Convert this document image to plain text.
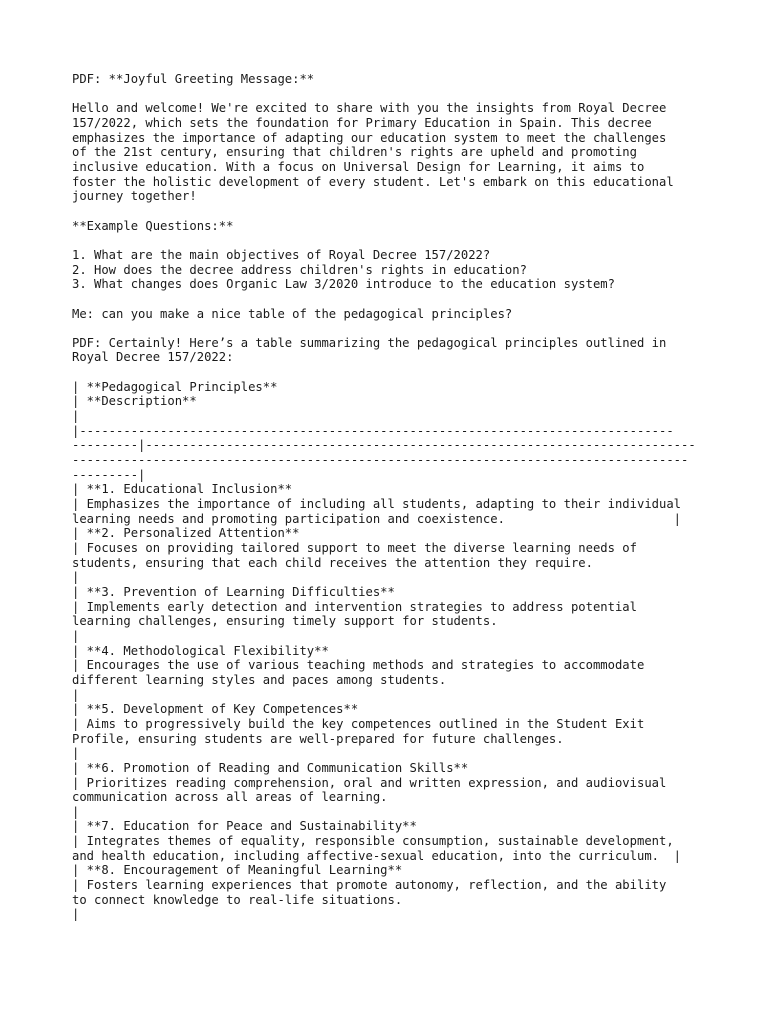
PDF: **Joyful Greeting Message:**
Hello and welcome! We're excited to share with you the insights from Royal Decree
157/2022, which sets the foundation for Primary Education in Spain. This decree
emphasizes the importance of adapting our education system to meet the challenges
of the 21st century, ensuring that children's rights are upheld and promoting
inclusive education. With a focus on Universal Design for Learning, it aims to
foster the holistic development of every student. Let's embark on this educational
journey together!
**Example Questions:**
1. What are the main objectives of Royal Decree 157/2022?
2. How does the decree address children's rights in education?
3. What changes does Organic Law 3/2020 introduce to the education system?
Me: can you make a nice table of the pedagogical principles?
PDF: Certainly! Here’s a table summarizing the pedagogical principles outlined in
Royal Decree 157/2022:
| **Pedagogical Principles**
| **Description**
|
|---------------------------------------------------------------------------------
---------|---------------------------------------------------------------------------
------------------------------------------------------------------------------------
---------|
| **1. Educational Inclusion**
| Emphasizes the importance of including all students, adapting to their individual
learning needs and promoting participation and coexistence.                       |
| **2. Personalized Attention**
| Focuses on providing tailored support to meet the diverse learning needs of
students, ensuring that each child receives the attention they require.
|
| **3. Prevention of Learning Difficulties**
| Implements early detection and intervention strategies to address potential
learning challenges, ensuring timely support for students.
|
| **4. Methodological Flexibility**
| Encourages the use of various teaching methods and strategies to accommodate
different learning styles and paces among students.
|
| **5. Development of Key Competences**
| Aims to progressively build the key competences outlined in the Student Exit
Profile, ensuring students are well-prepared for future challenges.
|
| **6. Promotion of Reading and Communication Skills**
| Prioritizes reading comprehension, oral and written expression, and audiovisual
communication across all areas of learning.
|
| **7. Education for Peace and Sustainability**
| Integrates themes of equality, responsible consumption, sustainable development,
and health education, including affective-sexual education, into the curriculum.  |
| **8. Encouragement of Meaningful Learning**
| Fosters learning experiences that promote autonomy, reflection, and the ability
to connect knowledge to real-life situations.
|
